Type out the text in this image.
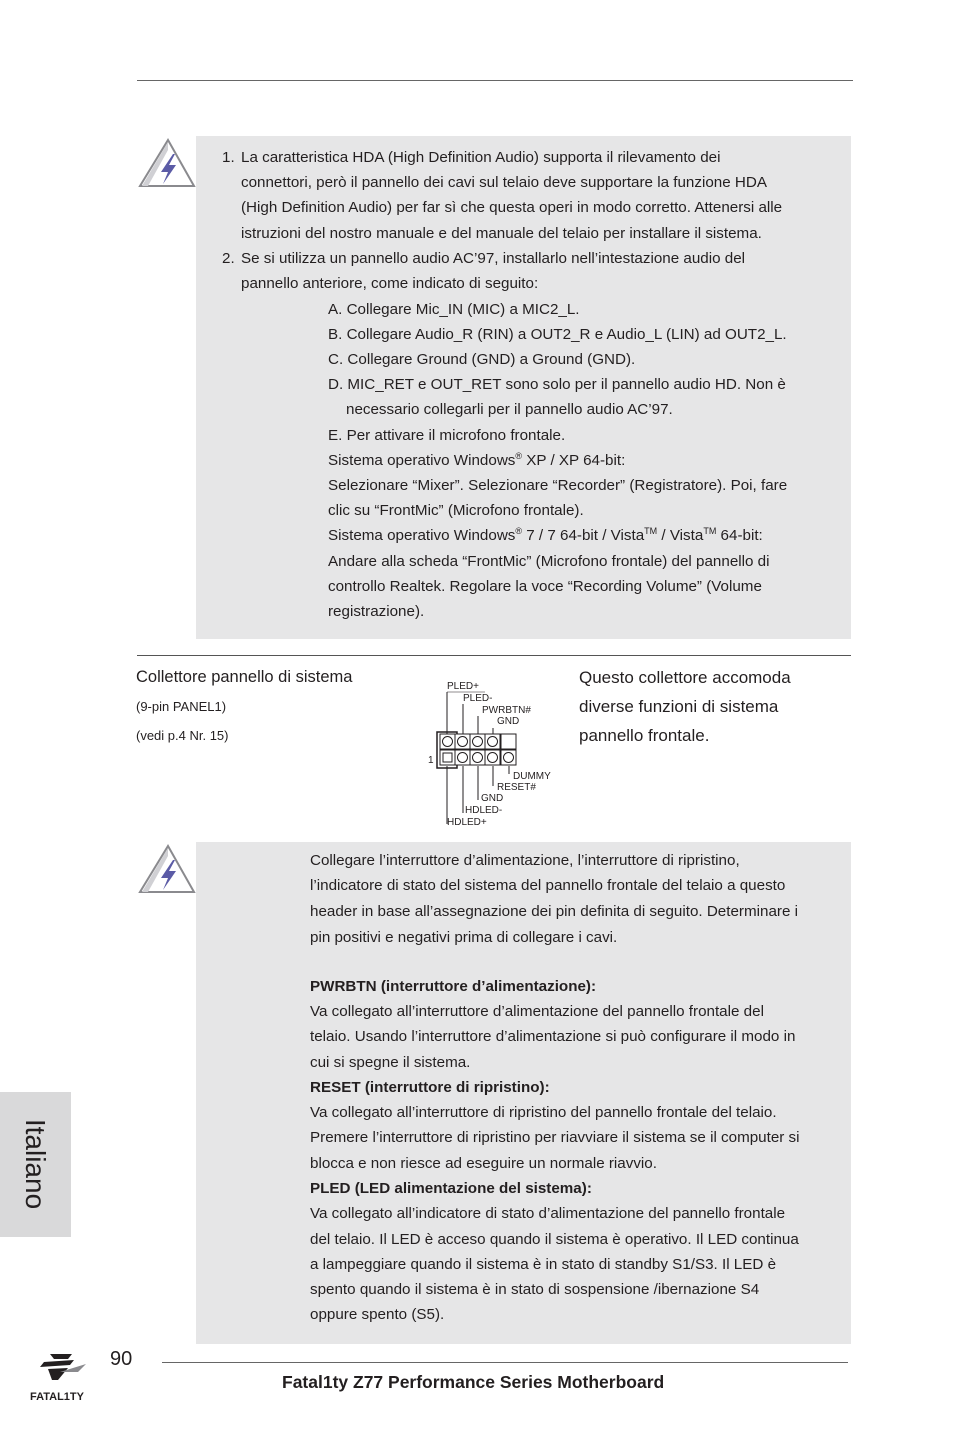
1. La caratteristica HDA (High Definition Audio) supporta il rilevamento dei
connettori, però il pannello dei cavi sul telaio deve supportare la funzione HDA
(High Definition Audio) per far sì che questa operi in modo corretto. Attenersi alle
istruzioni del nostro manuale e del manuale del telaio per installare il sistema.
2. Se si utilizza un pannello audio AC’97, installarlo nell’intestazione audio del
pannello anteriore, come indicato di seguito:
A. Collegare Mic_IN (MIC) a MIC2_L.
B. Collegare Audio_R (RIN) a OUT2_R e Audio_L (LIN) ad OUT2_L.
C. Collegare Ground (GND) a Ground (GND).
D. MIC_RET e OUT_RET sono solo per il pannello audio HD. Non è
necessario collegarli per il pannello audio AC’97.
E. Per attivare il microfono frontale.
Sistema operativo Windows® XP / XP 64-bit:
Selezionare “Mixer”. Selezionare “Recorder” (Registratore). Poi, fare
clic su “FrontMic” (Microfono frontale).
Sistema operativo Windows® 7 / 7 64-bit / Vista™ / Vista™ 64-bit:
Andare alla scheda “FrontMic” (Microfono frontale) del pannello di
controllo Realtek. Regolare la voce “Recording Volume” (Volume
registrazione).
Collettore pannello di sistema
(9-pin PANEL1)
(vedi p.4 Nr. 15)
Questo collettore accomoda
diverse funzioni di sistema
pannello frontale.
1
PLED+
PLED-
PWRBTN#
GND
DUMMY
RESET#
GND
HDLED-
HDLED+
Collegare l’interruttore d’alimentazione, l’interruttore di ripristino,
l’indicatore di stato del sistema del pannello frontale del telaio a questo
header in base all’assegnazione dei pin definita di seguito. Determinare i
pin positivi e negativi prima di collegare i cavi.
PWRBTN (interruttore d’alimentazione):
Va collegato all’interruttore d’alimentazione del pannello frontale del
telaio. Usando l’interruttore d’alimentazione si può configurare il modo in
cui si spegne il sistema.
RESET (interruttore di ripristino):
Va collegato all’interruttore di ripristino del pannello frontale del telaio.
Premere l’interruttore di ripristino per riavviare il sistema se il computer si
blocca e non riesce ad eseguire un normale riavvio.
PLED (LED alimentazione del sistema):
Va collegato all’indicatore di stato d’alimentazione del pannello frontale
del telaio. Il LED è acceso quando il sistema è operativo. Il LED continua
a lampeggiare quando il sistema è in stato di standby S1/S3. Il LED è
spento quando il sistema è in stato di sospensione /ibernazione S4
oppure spento (S5).
Italiano
FATAL1TY
90
Fatal1ty Z77 Performance Series Motherboard
